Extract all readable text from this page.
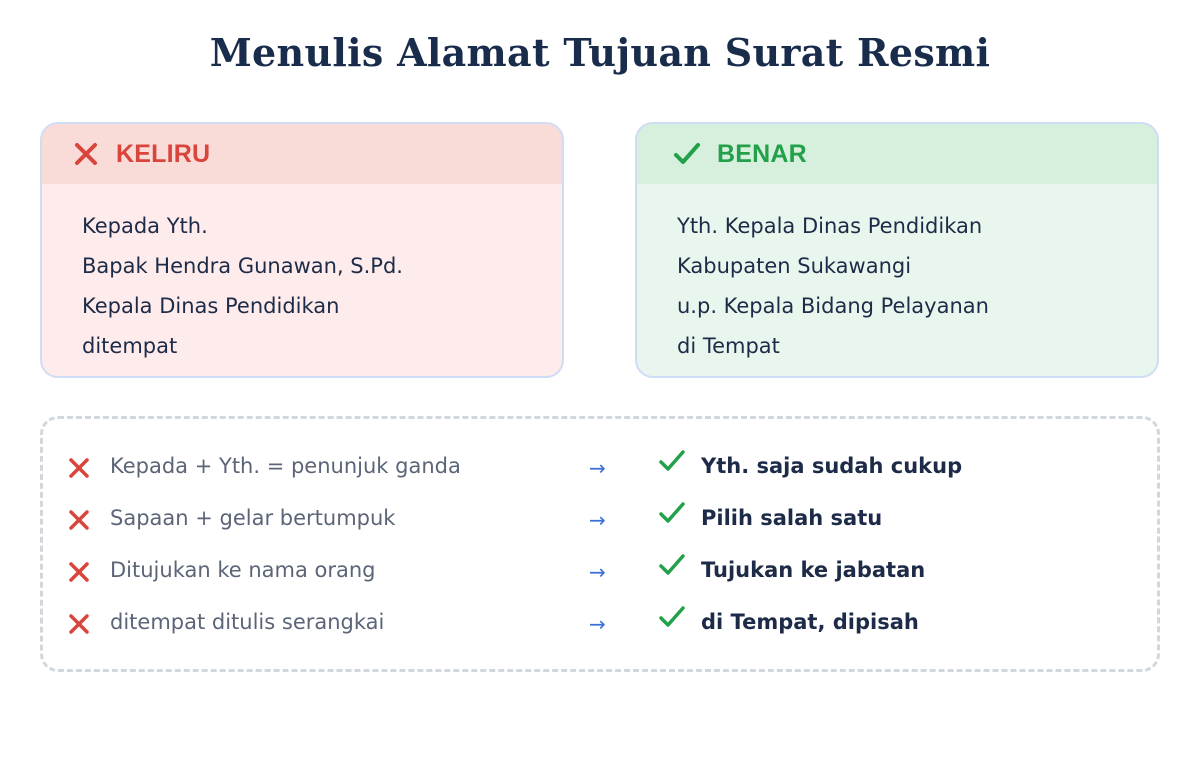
Menulis Alamat Tujuan Surat Resmi
KELIRU
Kepada Yth.
Bapak Hendra Gunawan, S.Pd.
Kepala Dinas Pendidikan
ditempat
BENAR
Yth. Kepala Dinas Pendidikan
Kabupaten Sukawangi
u.p. Kepala Bidang Pelayanan
di Tempat
Kepada + Yth. = penunjuk ganda	→	Yth. saja sudah cukup
Sapaan + gelar bertumpuk	→	Pilih salah satu
Ditujukan ke nama orang	→	Tujukan ke jabatan
ditempat ditulis serangkai	→	di Tempat, dipisah
